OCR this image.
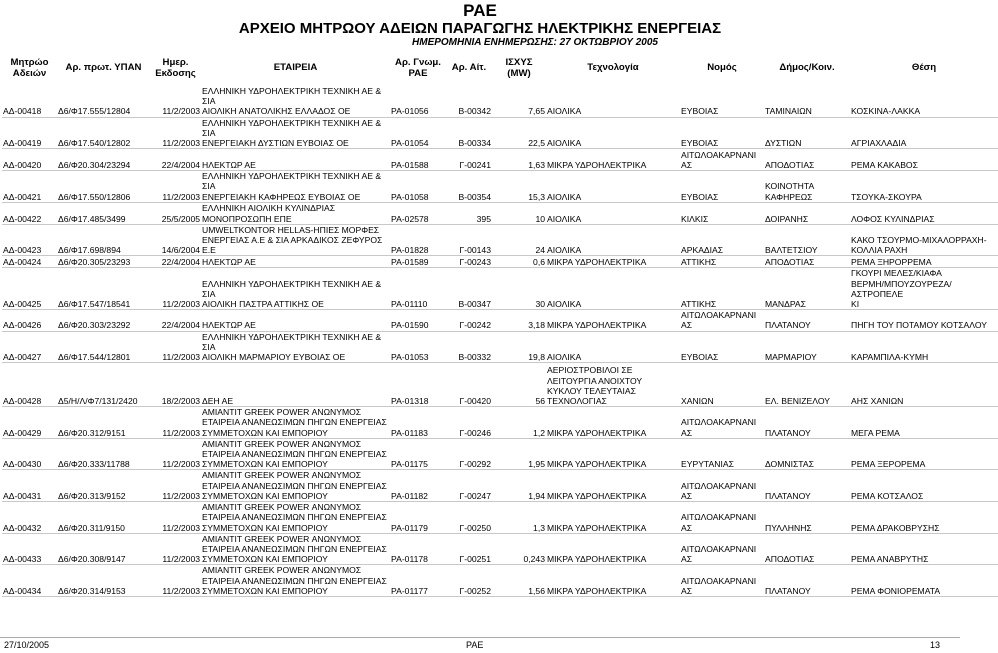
ΡΑΕ
ΑΡΧΕΙΟ ΜΗΤΡΩΟΥ ΑΔΕΙΩΝ ΠΑΡΑΓΩΓΗΣ ΗΛΕΚΤΡΙΚΗΣ ΕΝΕΡΓΕΙΑΣ
ΗΜΕΡΟΜΗΝΙΑ ΕΝΗΜΕΡΩΣΗΣ: 27 ΟΚΤΩΒΡΙΟΥ 2005
Μητρώο Αδειών	Αρ. πρωτ. ΥΠΑΝ	Ημερ. Εκδοσης	ΕΤΑΙΡΕΙΑ	Αρ. Γνωμ. ΡΑΕ	Αρ. Αίτ.	ΙΣΧΥΣ (MW)	Τεχνολογία	Νομός	Δήμος/Κοιν.	Θέση
ΑΔ-00418	Δ6/Φ17.555/12804	11/2/2003	ΕΛΛΗΝΙΚΗ ΥΔΡΟΗΛΕΚΤΡΙΚΗ ΤΕΧΝΙΚΗ ΑΕ & ΣΙΑ
ΑΙΟΛΙΚΗ ΑΝΑΤΟΛΙΚΗΣ ΕΛΛΑΔΟΣ ΟΕ	ΡΑ-01056	Β-00342	7,65	ΑΙΟΛΙΚΑ	ΕΥΒΟΙΑΣ	ΤΑΜΙΝΑΙΩΝ	ΚΟΣΚΙΝΑ-ΛΑΚΚΑ
ΑΔ-00419	Δ6/Φ17.540/12802	11/2/2003	ΕΛΛΗΝΙΚΗ ΥΔΡΟΗΛΕΚΤΡΙΚΗ ΤΕΧΝΙΚΗ ΑΕ & ΣΙΑ
ΕΝΕΡΓΕΙΑΚΗ ΔΥΣΤΙΩΝ ΕΥΒΟΙΑΣ ΟΕ	ΡΑ-01054	Β-00334	22,5	ΑΙΟΛΙΚΑ	ΕΥΒΟΙΑΣ	ΔΥΣΤΙΩΝ	ΑΓΡΙΑΧΛΑΔΙΑ
ΑΔ-00420	Δ6/Φ20.304/23294	22/4/2004	ΗΛΕΚΤΩΡ ΑΕ	ΡΑ-01588	Γ-00241	1,63	ΜΙΚΡΑ ΥΔΡΟΗΛΕΚΤΡΙΚΑ	ΑΙΤΩΛΟΑΚΑΡΝΑΝΙ
ΑΣ	ΑΠΟΔΟΤΙΑΣ	ΡΕΜΑ ΚΑΚΑΒΟΣ
ΑΔ-00421	Δ6/Φ17.550/12806	11/2/2003	ΕΛΛΗΝΙΚΗ ΥΔΡΟΗΛΕΚΤΡΙΚΗ ΤΕΧΝΙΚΗ ΑΕ & ΣΙΑ
ΕΝΕΡΓΕΙΑΚΗ ΚΑΦΗΡΕΩΣ ΕΥΒΟΙΑΣ ΟΕ	ΡΑ-01058	Β-00354	15,3	ΑΙΟΛΙΚΑ	ΕΥΒΟΙΑΣ	ΚΟΙΝΟΤΗΤΑ
ΚΑΦΗΡΕΩΣ	ΤΣΟΥΚΑ-ΣΚΟΥΡΑ
ΑΔ-00422	Δ6/Φ17.485/3499	25/5/2005	ΕΛΛΗΝΙΚΗ ΑΙΟΛΙΚΗ ΚΥΛΙΝΔΡΙΑΣ
ΜΟΝΟΠΡΟΣΩΠΗ ΕΠΕ	ΡΑ-02578	395	10	ΑΙΟΛΙΚΑ	ΚΙΛΚΙΣ	ΔΟΙΡΑΝΗΣ	ΛΟΦΟΣ ΚΥΛΙΝΔΡΙΑΣ
ΑΔ-00423	Δ6/Φ17.698/894	14/6/2004	UMWELTKONTOR HELLAS-ΗΠΙΕΣ ΜΟΡΦΕΣ
ΕΝΕΡΓΕΙΑΣ Α.Ε & ΣΙΑ ΑΡΚΑΔΙΚΟΣ ΖΕΦΥΡΟΣ
Ε.Ε	ΡΑ-01828	Γ-00143	24	ΑΙΟΛΙΚΑ	ΑΡΚΑΔΙΑΣ	ΒΑΛΤΕΤΣΙΟΥ	ΚΑΚΟ ΤΣΟΥΡΜΟ-ΜΙΧΑΛΟΡΡΑΧΗ-
ΚΟΛΛΙΑ ΡΑΧΗ
ΑΔ-00424	Δ6/Φ20.305/23293	22/4/2004	ΗΛΕΚΤΩΡ ΑΕ	ΡΑ-01589	Γ-00243	0,6	ΜΙΚΡΑ ΥΔΡΟΗΛΕΚΤΡΙΚΑ	ΑΤΤΙΚΗΣ	ΑΠΟΔΟΤΙΑΣ	ΡΕΜΑ ΞΗΡΟΡΡΕΜΑ
ΑΔ-00425	Δ6/Φ17.547/18541	11/2/2003	ΕΛΛΗΝΙΚΗ ΥΔΡΟΗΛΕΚΤΡΙΚΗ ΤΕΧΝΙΚΗ ΑΕ & ΣΙΑ
ΑΙΟΛΙΚΗ ΠΑΣΤΡΑ ΑΤΤΙΚΗΣ ΟΕ	ΡΑ-01110	Β-00347	30	ΑΙΟΛΙΚΑ	ΑΤΤΙΚΗΣ	ΜΑΝΔΡΑΣ	ΓΚΟΥΡΙ ΜΕΛΕΣ/ΚΙΑΦΑ
ΒΕΡΜΗ/ΜΠΟΥΖΟΥΡΕΖΑ/ΑΣΤΡΟΠΕΛΕ
ΚΙ
ΑΔ-00426	Δ6/Φ20.303/23292	22/4/2004	ΗΛΕΚΤΩΡ ΑΕ	ΡΑ-01590	Γ-00242	3,18	ΜΙΚΡΑ ΥΔΡΟΗΛΕΚΤΡΙΚΑ	ΑΙΤΩΛΟΑΚΑΡΝΑΝΙ
ΑΣ	ΠΛΑΤΑΝΟΥ	ΠΗΓΗ ΤΟΥ ΠΟΤΑΜΟΥ ΚΟΤΣΑΛΟΥ
ΑΔ-00427	Δ6/Φ17.544/12801	11/2/2003	ΕΛΛΗΝΙΚΗ ΥΔΡΟΗΛΕΚΤΡΙΚΗ ΤΕΧΝΙΚΗ ΑΕ & ΣΙΑ
ΑΙΟΛΙΚΗ ΜΑΡΜΑΡΙΟΥ ΕΥΒΟΙΑΣ ΟΕ	ΡΑ-01053	Β-00332	19,8	ΑΙΟΛΙΚΑ	ΕΥΒΟΙΑΣ	ΜΑΡΜΑΡΙΟΥ	ΚΑΡΑΜΠΙΛΑ-ΚΥΜΗ
ΑΔ-00428	Δ5/Η/Λ/Φ7/131/2420	18/2/2003	ΔΕΗ ΑΕ	ΡΑ-01318	Γ-00420	56	ΑΕΡΙΟΣΤΡΟΒΙΛΟΙ ΣΕ
ΛΕΙΤΟΥΡΓΙΑ ΑΝΟΙΧΤΟΥ
ΚΥΚΛΟΥ ΤΕΛΕΥΤΑΙΑΣ
ΤΕΧΝΟΛΟΓΙΑΣ	ΧΑΝΙΩΝ	ΕΛ. ΒΕΝΙΖΕΛΟΥ	ΑΗΣ ΧΑΝΙΩΝ
ΑΔ-00429	Δ6/Φ20.312/9151	11/2/2003	ΑΜΙΑΝΤΙΤ GREEK POWER ΑΝΩΝΥΜΟΣ
ΕΤΑΙΡΕΙΑ ΑΝΑΝΕΩΣΙΜΩΝ ΠΗΓΩΝ ΕΝΕΡΓΕΙΑΣ
ΣΥΜΜΕΤΟΧΩΝ ΚΑΙ ΕΜΠΟΡΙΟΥ	ΡΑ-01183	Γ-00246	1,2	ΜΙΚΡΑ ΥΔΡΟΗΛΕΚΤΡΙΚΑ	ΑΙΤΩΛΟΑΚΑΡΝΑΝΙ
ΑΣ	ΠΛΑΤΑΝΟΥ	ΜΕΓΑ ΡΕΜΑ
ΑΔ-00430	Δ6/Φ20.333/11788	11/2/2003	ΑΜΙΑΝΤΙΤ GREEK POWER ΑΝΩΝΥΜΟΣ
ΕΤΑΙΡΕΙΑ ΑΝΑΝΕΩΣΙΜΩΝ ΠΗΓΩΝ ΕΝΕΡΓΕΙΑΣ
ΣΥΜΜΕΤΟΧΩΝ ΚΑΙ ΕΜΠΟΡΙΟΥ	ΡΑ-01175	Γ-00292	1,95	ΜΙΚΡΑ ΥΔΡΟΗΛΕΚΤΡΙΚΑ	ΕΥΡΥΤΑΝΙΑΣ	ΔΟΜΝΙΣΤΑΣ	ΡΕΜΑ ΞΕΡΟΡΕΜΑ
ΑΔ-00431	Δ6/Φ20.313/9152	11/2/2003	ΑΜΙΑΝΤΙΤ GREEK POWER ΑΝΩΝΥΜΟΣ
ΕΤΑΙΡΕΙΑ ΑΝΑΝΕΩΣΙΜΩΝ ΠΗΓΩΝ ΕΝΕΡΓΕΙΑΣ
ΣΥΜΜΕΤΟΧΩΝ ΚΑΙ ΕΜΠΟΡΙΟΥ	ΡΑ-01182	Γ-00247	1,94	ΜΙΚΡΑ ΥΔΡΟΗΛΕΚΤΡΙΚΑ	ΑΙΤΩΛΟΑΚΑΡΝΑΝΙ
ΑΣ	ΠΛΑΤΑΝΟΥ	ΡΕΜΑ ΚΟΤΣΑΛΟΣ
ΑΔ-00432	Δ6/Φ20.311/9150	11/2/2003	ΑΜΙΑΝΤΙΤ GREEK POWER ΑΝΩΝΥΜΟΣ
ΕΤΑΙΡΕΙΑ ΑΝΑΝΕΩΣΙΜΩΝ ΠΗΓΩΝ ΕΝΕΡΓΕΙΑΣ
ΣΥΜΜΕΤΟΧΩΝ ΚΑΙ ΕΜΠΟΡΙΟΥ	ΡΑ-01179	Γ-00250	1,3	ΜΙΚΡΑ ΥΔΡΟΗΛΕΚΤΡΙΚΑ	ΑΙΤΩΛΟΑΚΑΡΝΑΝΙ
ΑΣ	ΠΥΛΛΗΝΗΣ	ΡΕΜΑ ΔΡΑΚΟΒΡΥΣΗΣ
ΑΔ-00433	Δ6/Φ20.308/9147	11/2/2003	ΑΜΙΑΝΤΙΤ GREEK POWER ΑΝΩΝΥΜΟΣ
ΕΤΑΙΡΕΙΑ ΑΝΑΝΕΩΣΙΜΩΝ ΠΗΓΩΝ ΕΝΕΡΓΕΙΑΣ
ΣΥΜΜΕΤΟΧΩΝ ΚΑΙ ΕΜΠΟΡΙΟΥ	ΡΑ-01178	Γ-00251	0,243	ΜΙΚΡΑ ΥΔΡΟΗΛΕΚΤΡΙΚΑ	ΑΙΤΩΛΟΑΚΑΡΝΑΝΙ
ΑΣ	ΑΠΟΔΟΤΙΑΣ	ΡΕΜΑ ΑΝΑΒΡΥΤΗΣ
ΑΔ-00434	Δ6/Φ20.314/9153	11/2/2003	ΑΜΙΑΝΤΙΤ GREEK POWER ΑΝΩΝΥΜΟΣ
ΕΤΑΙΡΕΙΑ ΑΝΑΝΕΩΣΙΜΩΝ ΠΗΓΩΝ ΕΝΕΡΓΕΙΑΣ
ΣΥΜΜΕΤΟΧΩΝ ΚΑΙ ΕΜΠΟΡΙΟΥ	ΡΑ-01177	Γ-00252	1,56	ΜΙΚΡΑ ΥΔΡΟΗΛΕΚΤΡΙΚΑ	ΑΙΤΩΛΟΑΚΑΡΝΑΝΙ
ΑΣ	ΠΛΑΤΑΝΟΥ	ΡΕΜΑ ΦΟΝΙΟΡΕΜΑΤΑ
27/10/2005	ΡΑΕ	13
